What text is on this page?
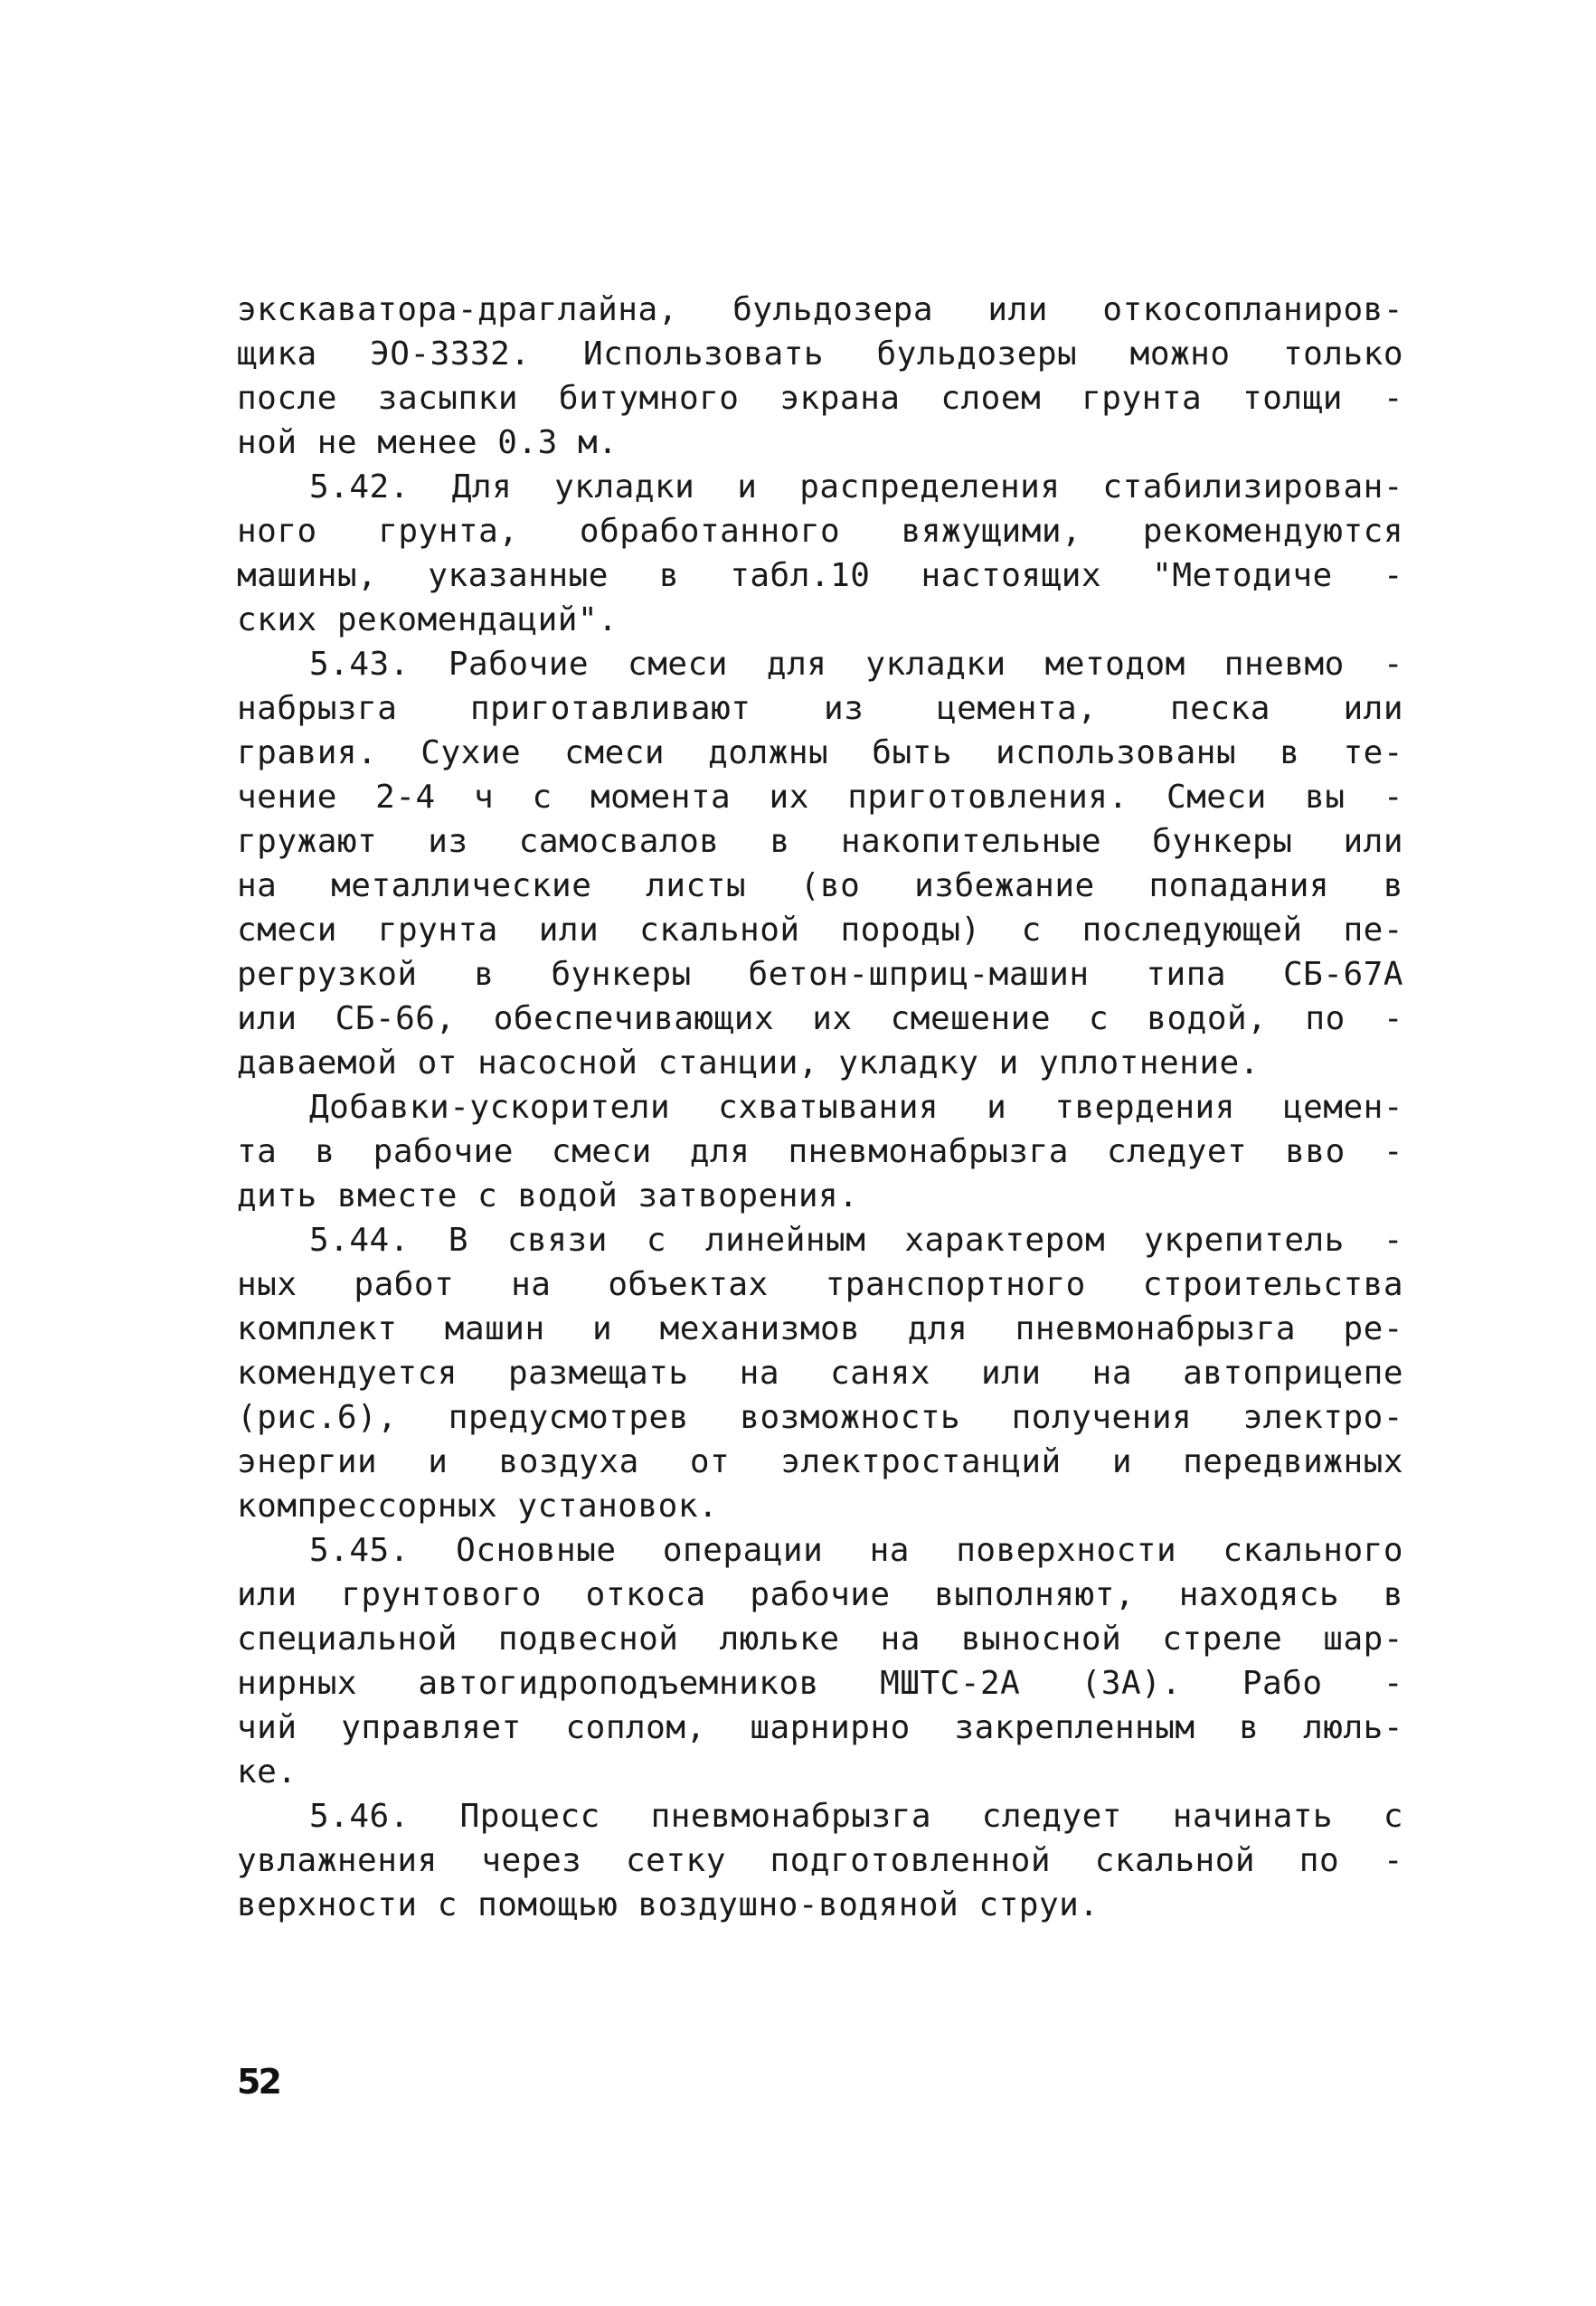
экскаватора-драглайна, бульдозера или откосопланиров-
щика ЭО-3332. Использовать бульдозеры можно только
после засыпки битумного экрана слоем грунта толщи -
ной не менее 0.3 м.
5.42. Для укладки и распределения стабилизирован-
ного грунта, обработанного вяжущими, рекомендуются
машины, указанные в табл.10 настоящих "Методиче -
ских рекомендаций".
5.43. Рабочие смеси для укладки методом пневмо -
набрызга приготавливают из цемента, песка или
гравия. Сухие смеси должны быть использованы в те-
чение 2-4 ч с момента их приготовления. Смеси вы -
гружают из самосвалов в накопительные бункеры или
на металлические листы (во избежание попадания в
смеси грунта или скальной породы) с последующей пе-
регрузкой в бункеры бетон-шприц-машин типа СБ-67А
или СБ-66, обеспечивающих их смешение с водой, по -
даваемой от насосной станции, укладку и уплотнение.
Добавки-ускорители схватывания и твердения цемен-
та в рабочие смеси для пневмонабрызга следует вво -
дить вместе с водой затворения.
5.44. В связи с линейным характером укрепитель -
ных работ на объектах транспортного строительства
комплект машин и механизмов для пневмонабрызга ре-
комендуется размещать на санях или на автоприцепе
(рис.6), предусмотрев возможность получения электро-
энергии и воздуха от электростанций и передвижных
компрессорных установок.
5.45. Основные операции на поверхности скального
или грунтового откоса рабочие выполняют, находясь в
специальной подвесной люльке на выносной стреле шар-
нирных автогидроподъемников МШТС-2А (3А). Рабо -
чий управляет соплом, шарнирно закрепленным в люль-
ке.
5.46. Процесс пневмонабрызга следует начинать с
увлажнения через сетку подготовленной скальной по -
верхности с помощью воздушно-водяной струи.
52
